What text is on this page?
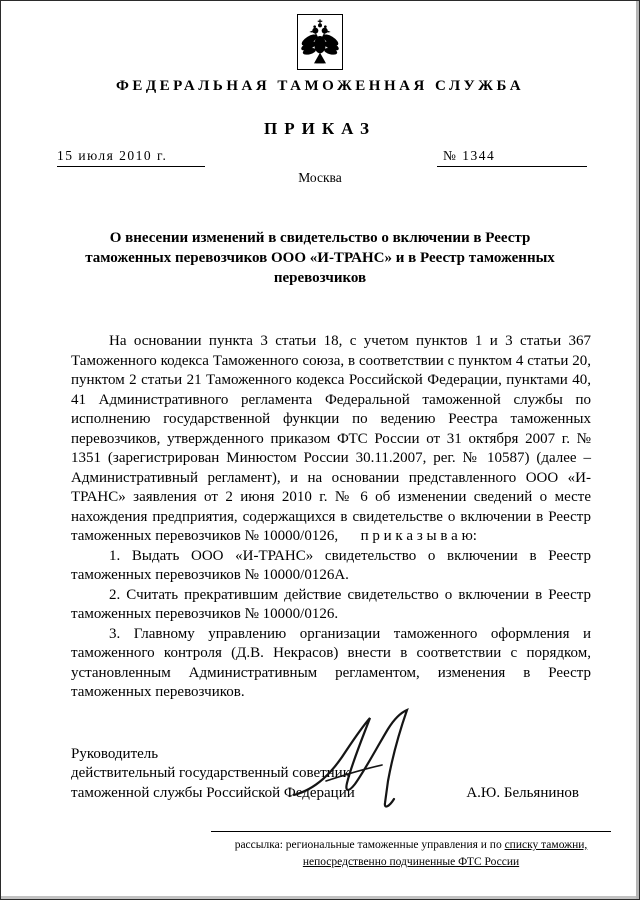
ФЕДЕРАЛЬНАЯ ТАМОЖЕННАЯ СЛУЖБА
ПРИКАЗ
15 июля 2010 г.	№ 1344
Москва
О внесении изменений в свидетельство о включении в Реестр таможенных перевозчиков ООО «И-ТРАНС» и в Реестр таможенных перевозчиков

На основании пункта 3 статьи 18, с учетом пунктов 1 и 3 статьи 367 Таможенного кодекса Таможенного союза, в соответствии с пунктом 4 статьи 20, пунктом 2 статьи 21 Таможенного кодекса Российской Федерации, пунктами 40, 41 Административного регламента Федеральной таможенной службы по исполнению государственной функции по ведению Реестра таможенных перевозчиков, утвержденного приказом ФТС России от 31 октября 2007 г. № 1351 (зарегистрирован Минюстом России 30.11.2007, рег. № 10587) (далее – Административный регламент), и на основании представленного ООО «И-ТРАНС» заявления от 2 июня 2010 г. № 6 об изменении сведений о месте нахождения предприятия, содержащихся в свидетельстве о включении в Реестр таможенных перевозчиков № 10000/0126,      п р и к а з ы в а ю:

1. Выдать ООО «И-ТРАНС» свидетельство о включении в Реестр таможенных перевозчиков № 10000/0126А.

2. Считать прекратившим действие свидетельство о включении в Реестр таможенных перевозчиков № 10000/0126.

3. Главному управлению организации таможенного оформления и таможенного контроля (Д.В. Некрасов) внести в соответствии с порядком, установленным Административным регламентом, изменения в Реестр таможенных перевозчиков.

Руководитель
действительный государственный советник
таможенной службы Российской Федерации	А.Ю. Бельянинов
рассылка: региональные таможенные управления и по списку таможни,
непосредственно подчиненные ФТС России
